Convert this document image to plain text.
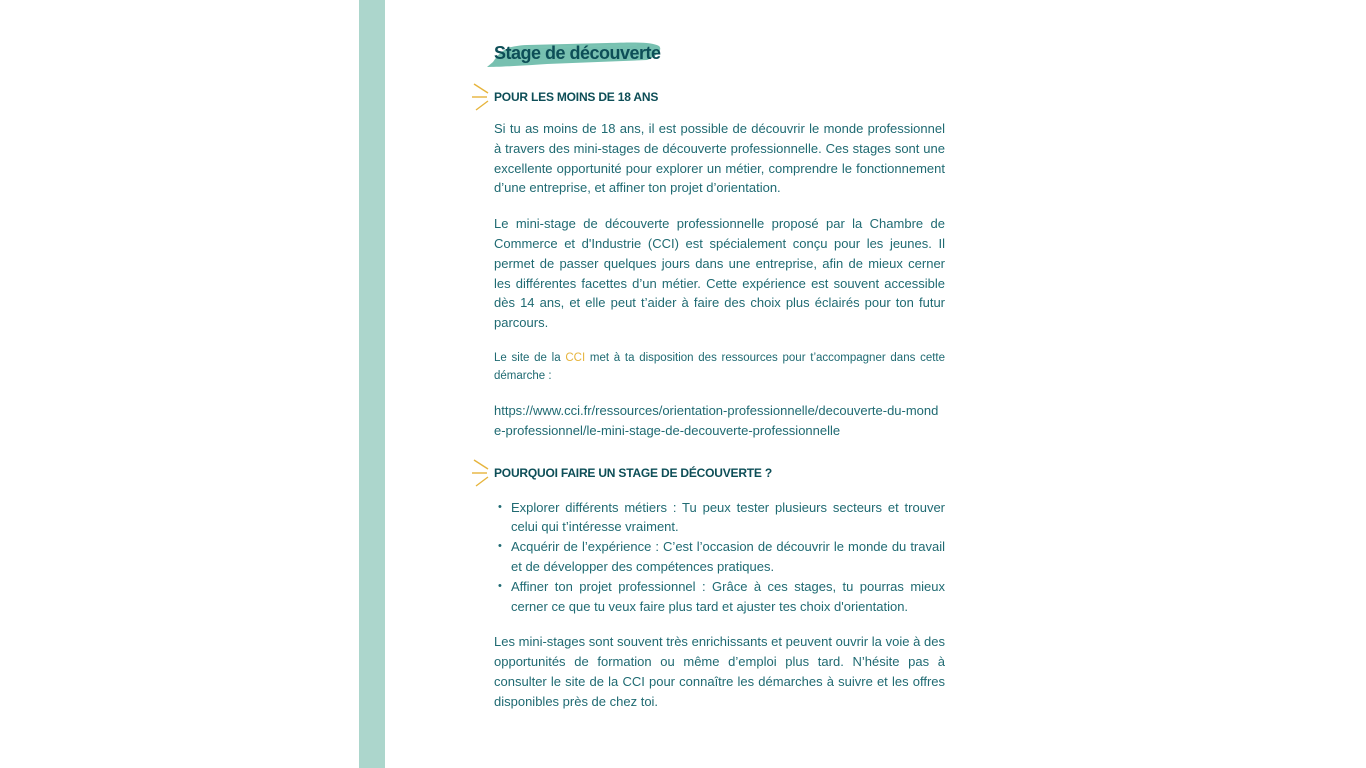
Stage de découverte
POUR LES MOINS DE 18 ANS

Si tu as moins de 18 ans, il est possible de découvrir le monde professionnel à travers des mini-stages de découverte professionnelle. Ces stages sont une excellente opportunité pour explorer un métier, comprendre le fonctionnement d’une entreprise, et affiner ton projet d’orientation.

Le mini-stage de découverte professionnelle proposé par la Chambre de Commerce et d'Industrie (CCI) est spécialement conçu pour les jeunes. Il permet de passer quelques jours dans une entreprise, afin de mieux cerner les différentes facettes d’un métier. Cette expérience est souvent accessible dès 14 ans, et elle peut t’aider à faire des choix plus éclairés pour ton futur parcours.

Le site de la CCI met à ta disposition des ressources pour t’accompagner dans cette démarche :

https://www.cci.fr/ressources/orientation-professionnelle/decouverte-du-monde-professionnel/le-mini-stage-de-decouverte-professionnelle

POURQUOI FAIRE UN STAGE DE DÉCOUVERTE ?
• Explorer différents métiers : Tu peux tester plusieurs secteurs et trouver celui qui t’intéresse vraiment.
• Acquérir de l’expérience : C’est l’occasion de découvrir le monde du travail et de développer des compétences pratiques.
• Affiner ton projet professionnel : Grâce à ces stages, tu pourras mieux cerner ce que tu veux faire plus tard et ajuster tes choix d'orientation.

Les mini-stages sont souvent très enrichissants et peuvent ouvrir la voie à des opportunités de formation ou même d’emploi plus tard. N’hésite pas à consulter le site de la CCI pour connaître les démarches à suivre et les offres disponibles près de chez toi.
